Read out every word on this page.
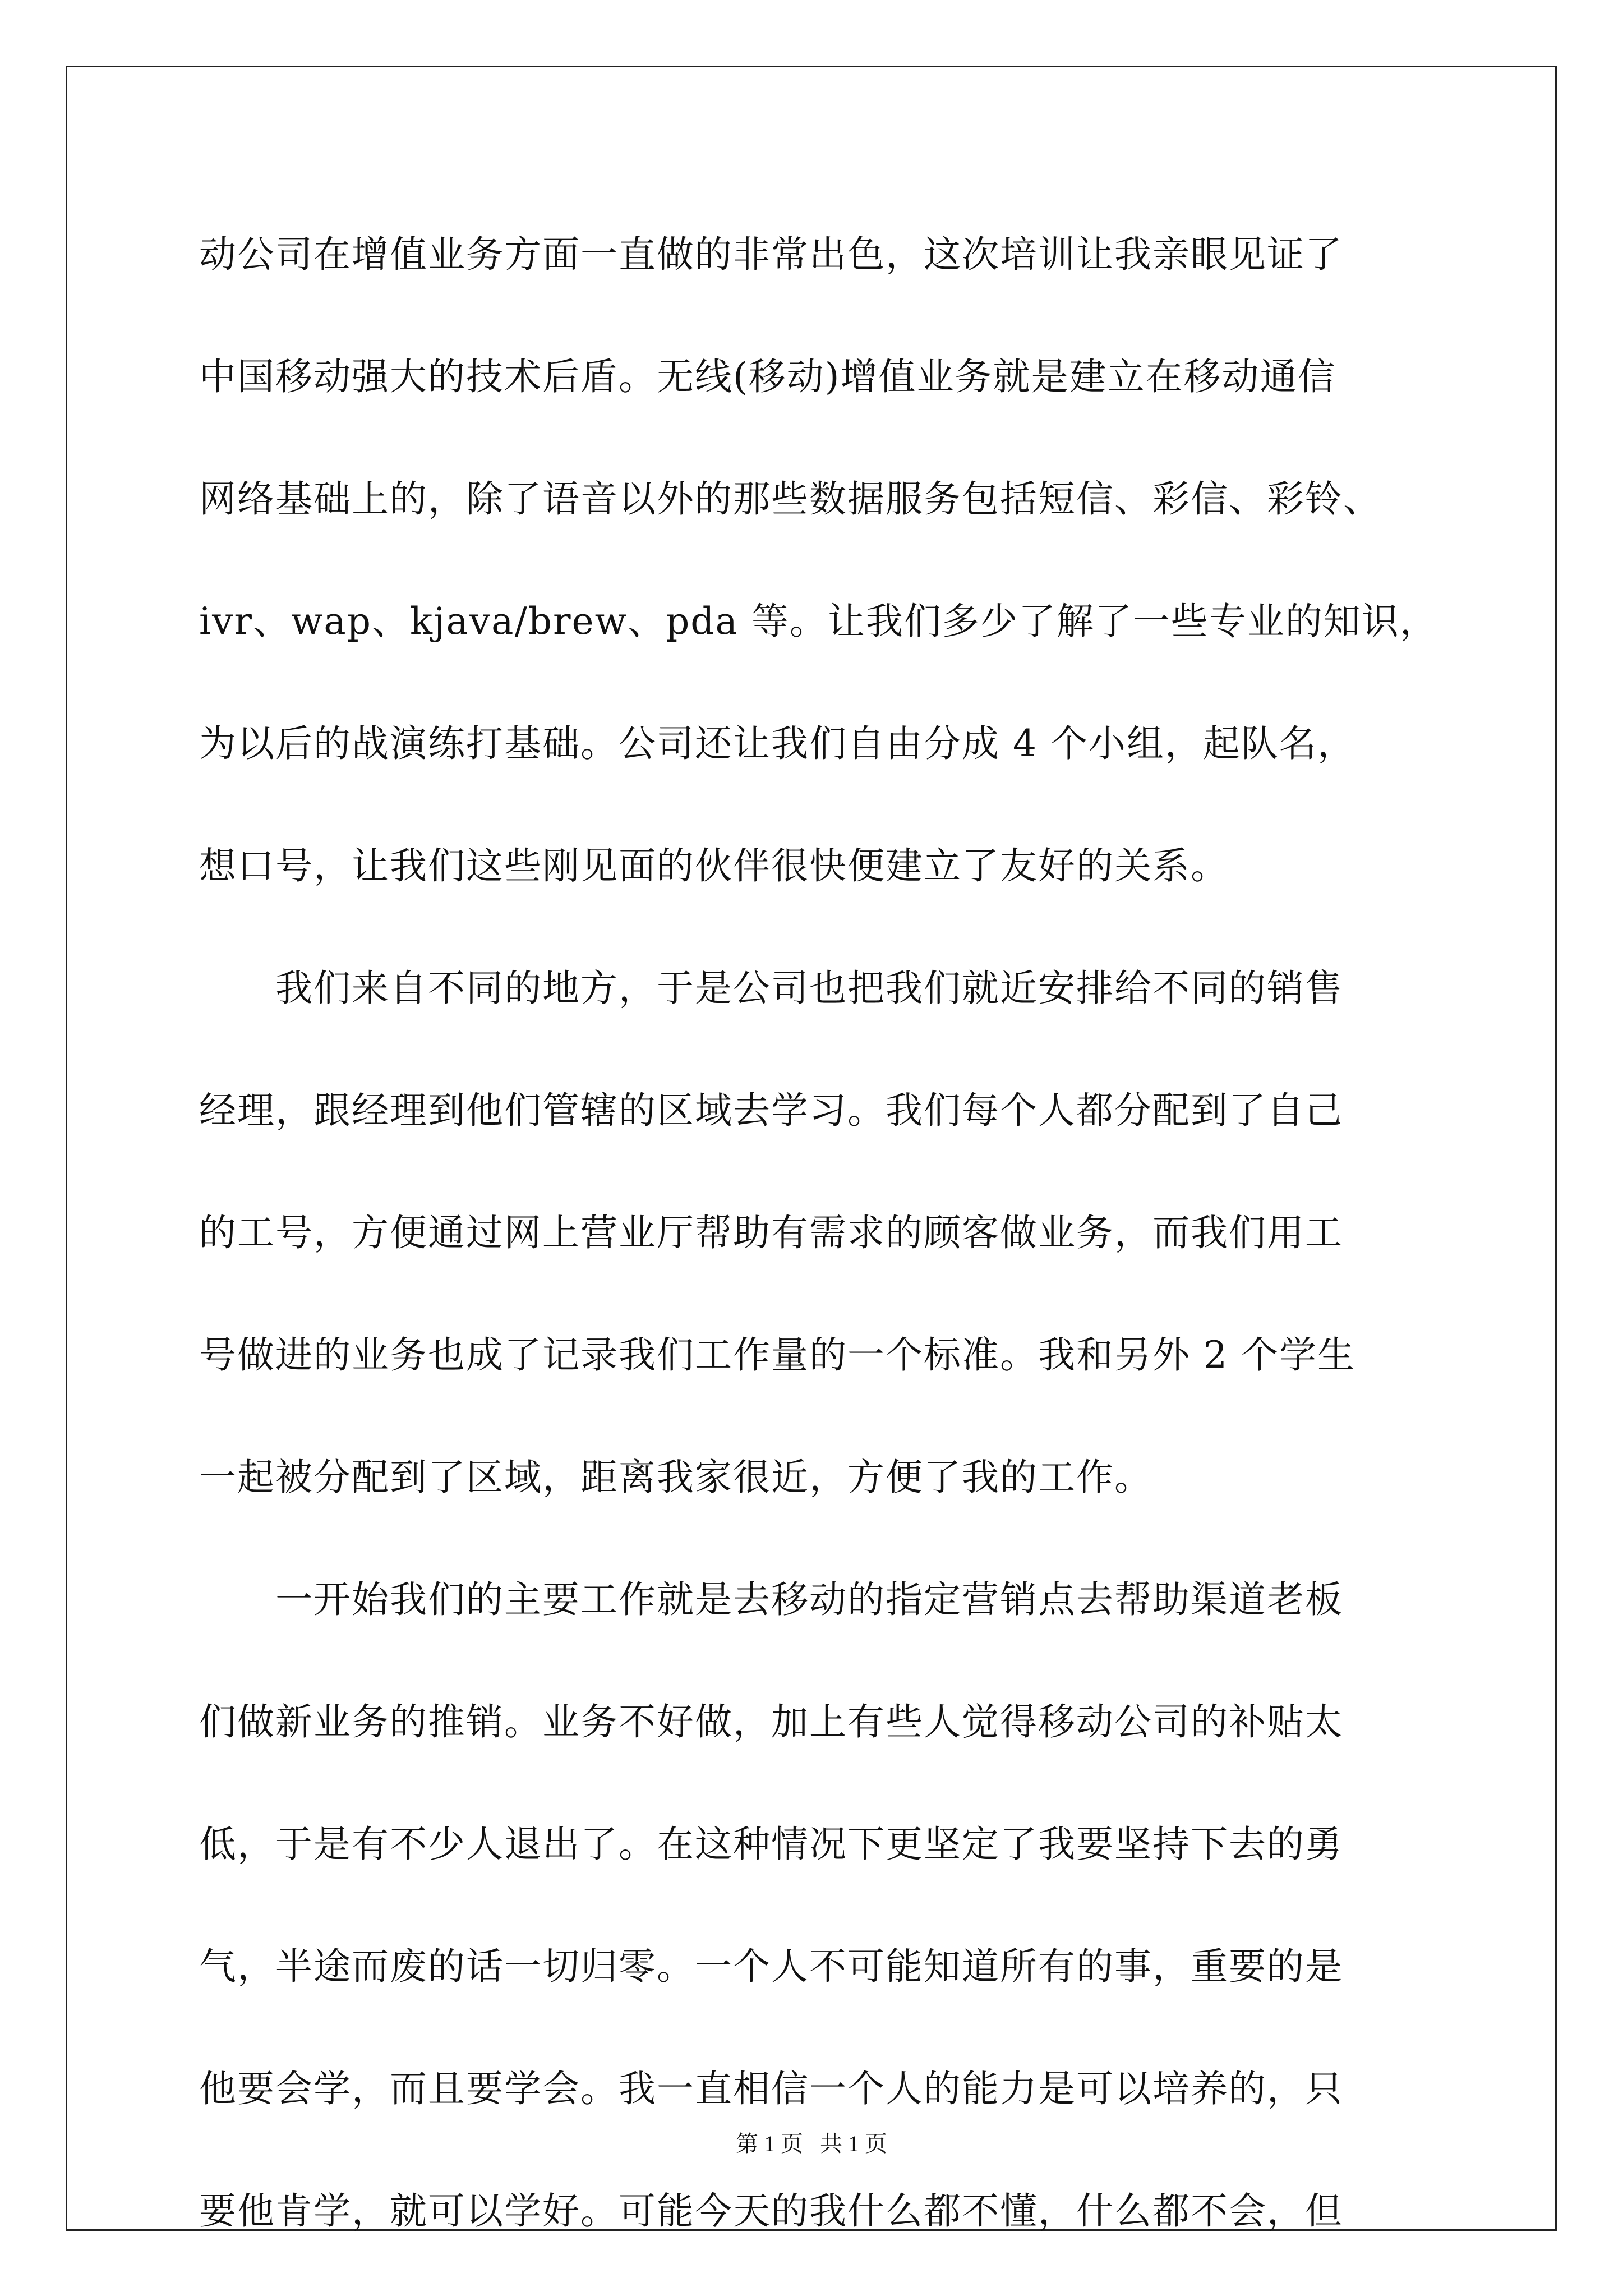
动公司在增值业务方面一直做的非常出色，这次培训让我亲眼见证了
中国移动强大的技术后盾。无线(移动)增值业务就是建立在移动通信
网络基础上的，除了语音以外的那些数据服务包括短信、彩信、彩铃、
ivr、wap、kjava/brew、pda 等。让我们多少了解了一些专业的知识，
为以后的战演练打基础。公司还让我们自由分成 4 个小组，起队名，
想口号，让我们这些刚见面的伙伴很快便建立了友好的关系。
　　我们来自不同的地方，于是公司也把我们就近安排给不同的销售
经理，跟经理到他们管辖的区域去学习。我们每个人都分配到了自己
的工号，方便通过网上营业厅帮助有需求的顾客做业务，而我们用工
号做进的业务也成了记录我们工作量的一个标准。我和另外 2 个学生
一起被分配到了区域，距离我家很近，方便了我的工作。
　　一开始我们的主要工作就是去移动的指定营销点去帮助渠道老板
们做新业务的推销。业务不好做，加上有些人觉得移动公司的补贴太
低，于是有不少人退出了。在这种情况下更坚定了我要坚持下去的勇
气，半途而废的话一切归零。一个人不可能知道所有的事，重要的是
他要会学，而且要学会。我一直相信一个人的能力是可以培养的，只
要他肯学，就可以学好。可能今天的我什么都不懂，什么都不会，但
第 1 页 共 1 页
